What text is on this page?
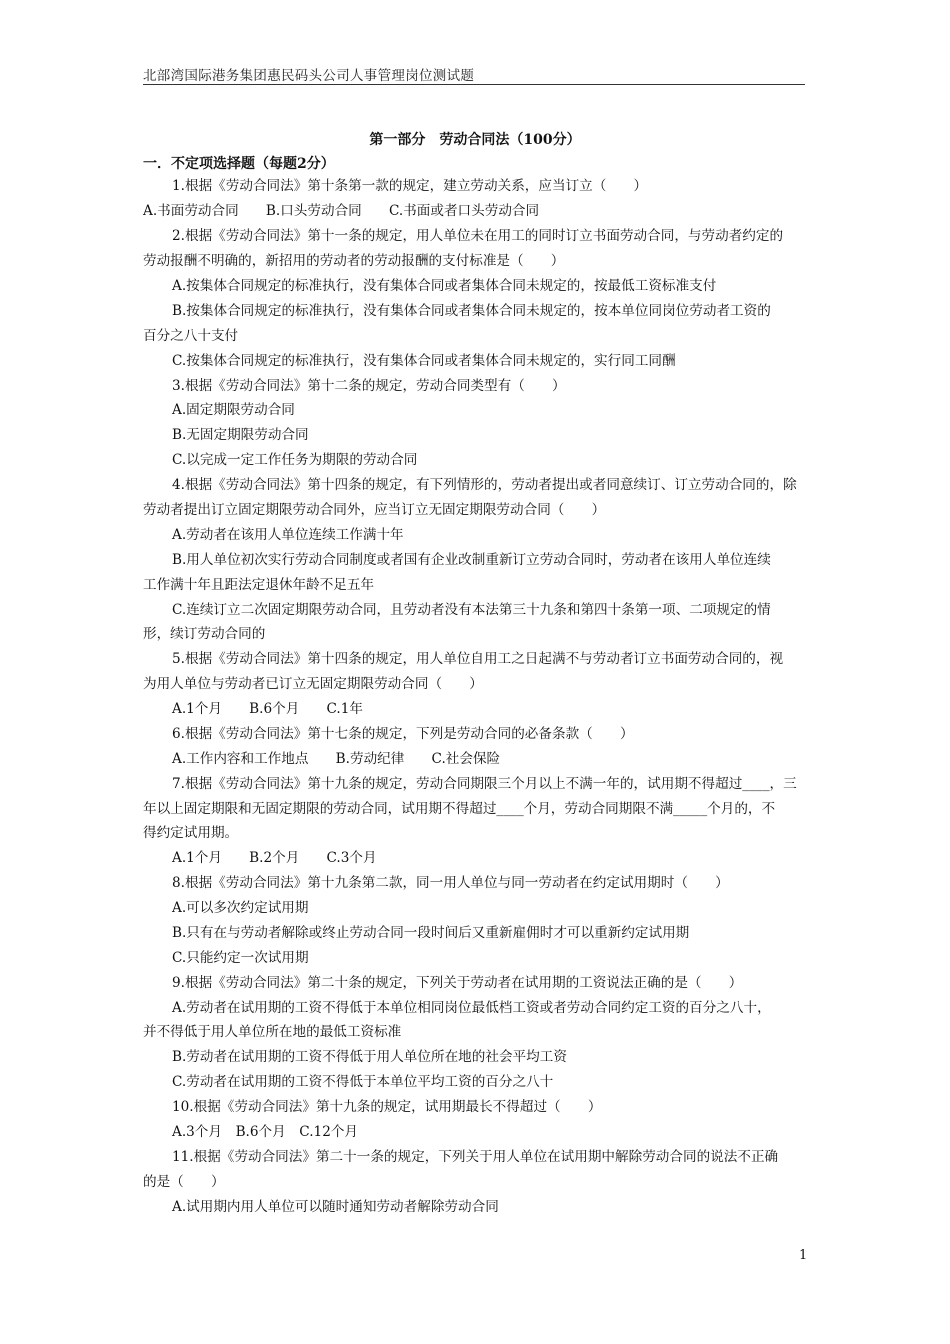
北部湾国际港务集团惠民码头公司人事管理岗位测试题
第一部分　劳动合同法（100分）
一．不定项选择题（每题2分）
1.根据《劳动合同法》第十条第一款的规定，建立劳动关系，应当订立（　　）
A.书面劳动合同　　B.口头劳动合同　　C.书面或者口头劳动合同
2.根据《劳动合同法》第十一条的规定，用人单位未在用工的同时订立书面劳动合同，与劳动者约定的
劳动报酬不明确的，新招用的劳动者的劳动报酬的支付标准是（　　）
A.按集体合同规定的标准执行，没有集体合同或者集体合同未规定的，按最低工资标准支付
B.按集体合同规定的标准执行，没有集体合同或者集体合同未规定的，按本单位同岗位劳动者工资的
百分之八十支付
C.按集体合同规定的标准执行，没有集体合同或者集体合同未规定的，实行同工同酬
3.根据《劳动合同法》第十二条的规定，劳动合同类型有（　　）
A.固定期限劳动合同
B.无固定期限劳动合同
C.以完成一定工作任务为期限的劳动合同
4.根据《劳动合同法》第十四条的规定，有下列情形的，劳动者提出或者同意续订、订立劳动合同的，除
劳动者提出订立固定期限劳动合同外，应当订立无固定期限劳动合同（　　）
A.劳动者在该用人单位连续工作满十年
B.用人单位初次实行劳动合同制度或者国有企业改制重新订立劳动合同时，劳动者在该用人单位连续
工作满十年且距法定退休年龄不足五年
C.连续订立二次固定期限劳动合同，且劳动者没有本法第三十九条和第四十条第一项、二项规定的情
形，续订劳动合同的
5.根据《劳动合同法》第十四条的规定，用人单位自用工之日起满不与劳动者订立书面劳动合同的，视
为用人单位与劳动者已订立无固定期限劳动合同（　　）
A.1个月　　B.6个月　　C.1年
6.根据《劳动合同法》第十七条的规定，下列是劳动合同的必备条款（　　）
A.工作内容和工作地点　　B.劳动纪律　　C.社会保险
7.根据《劳动合同法》第十九条的规定，劳动合同期限三个月以上不满一年的，试用期不得超过____，三
年以上固定期限和无固定期限的劳动合同，试用期不得超过____个月，劳动合同期限不满_____个月的，不
得约定试用期。
A.1个月　　B.2个月　　C.3个月
8.根据《劳动合同法》第十九条第二款，同一用人单位与同一劳动者在约定试用期时（　　）
A.可以多次约定试用期
B.只有在与劳动者解除或终止劳动合同一段时间后又重新雇佣时才可以重新约定试用期
C.只能约定一次试用期
9.根据《劳动合同法》第二十条的规定，下列关于劳动者在试用期的工资说法正确的是（　　）
A.劳动者在试用期的工资不得低于本单位相同岗位最低档工资或者劳动合同约定工资的百分之八十，
并不得低于用人单位所在地的最低工资标准
B.劳动者在试用期的工资不得低于用人单位所在地的社会平均工资
C.劳动者在试用期的工资不得低于本单位平均工资的百分之八十
10.根据《劳动合同法》第十九条的规定，试用期最长不得超过（　　）
A.3个月　B.6个月　C.12个月
11.根据《劳动合同法》第二十一条的规定，下列关于用人单位在试用期中解除劳动合同的说法不正确
的是（　　）
A.试用期内用人单位可以随时通知劳动者解除劳动合同
1
